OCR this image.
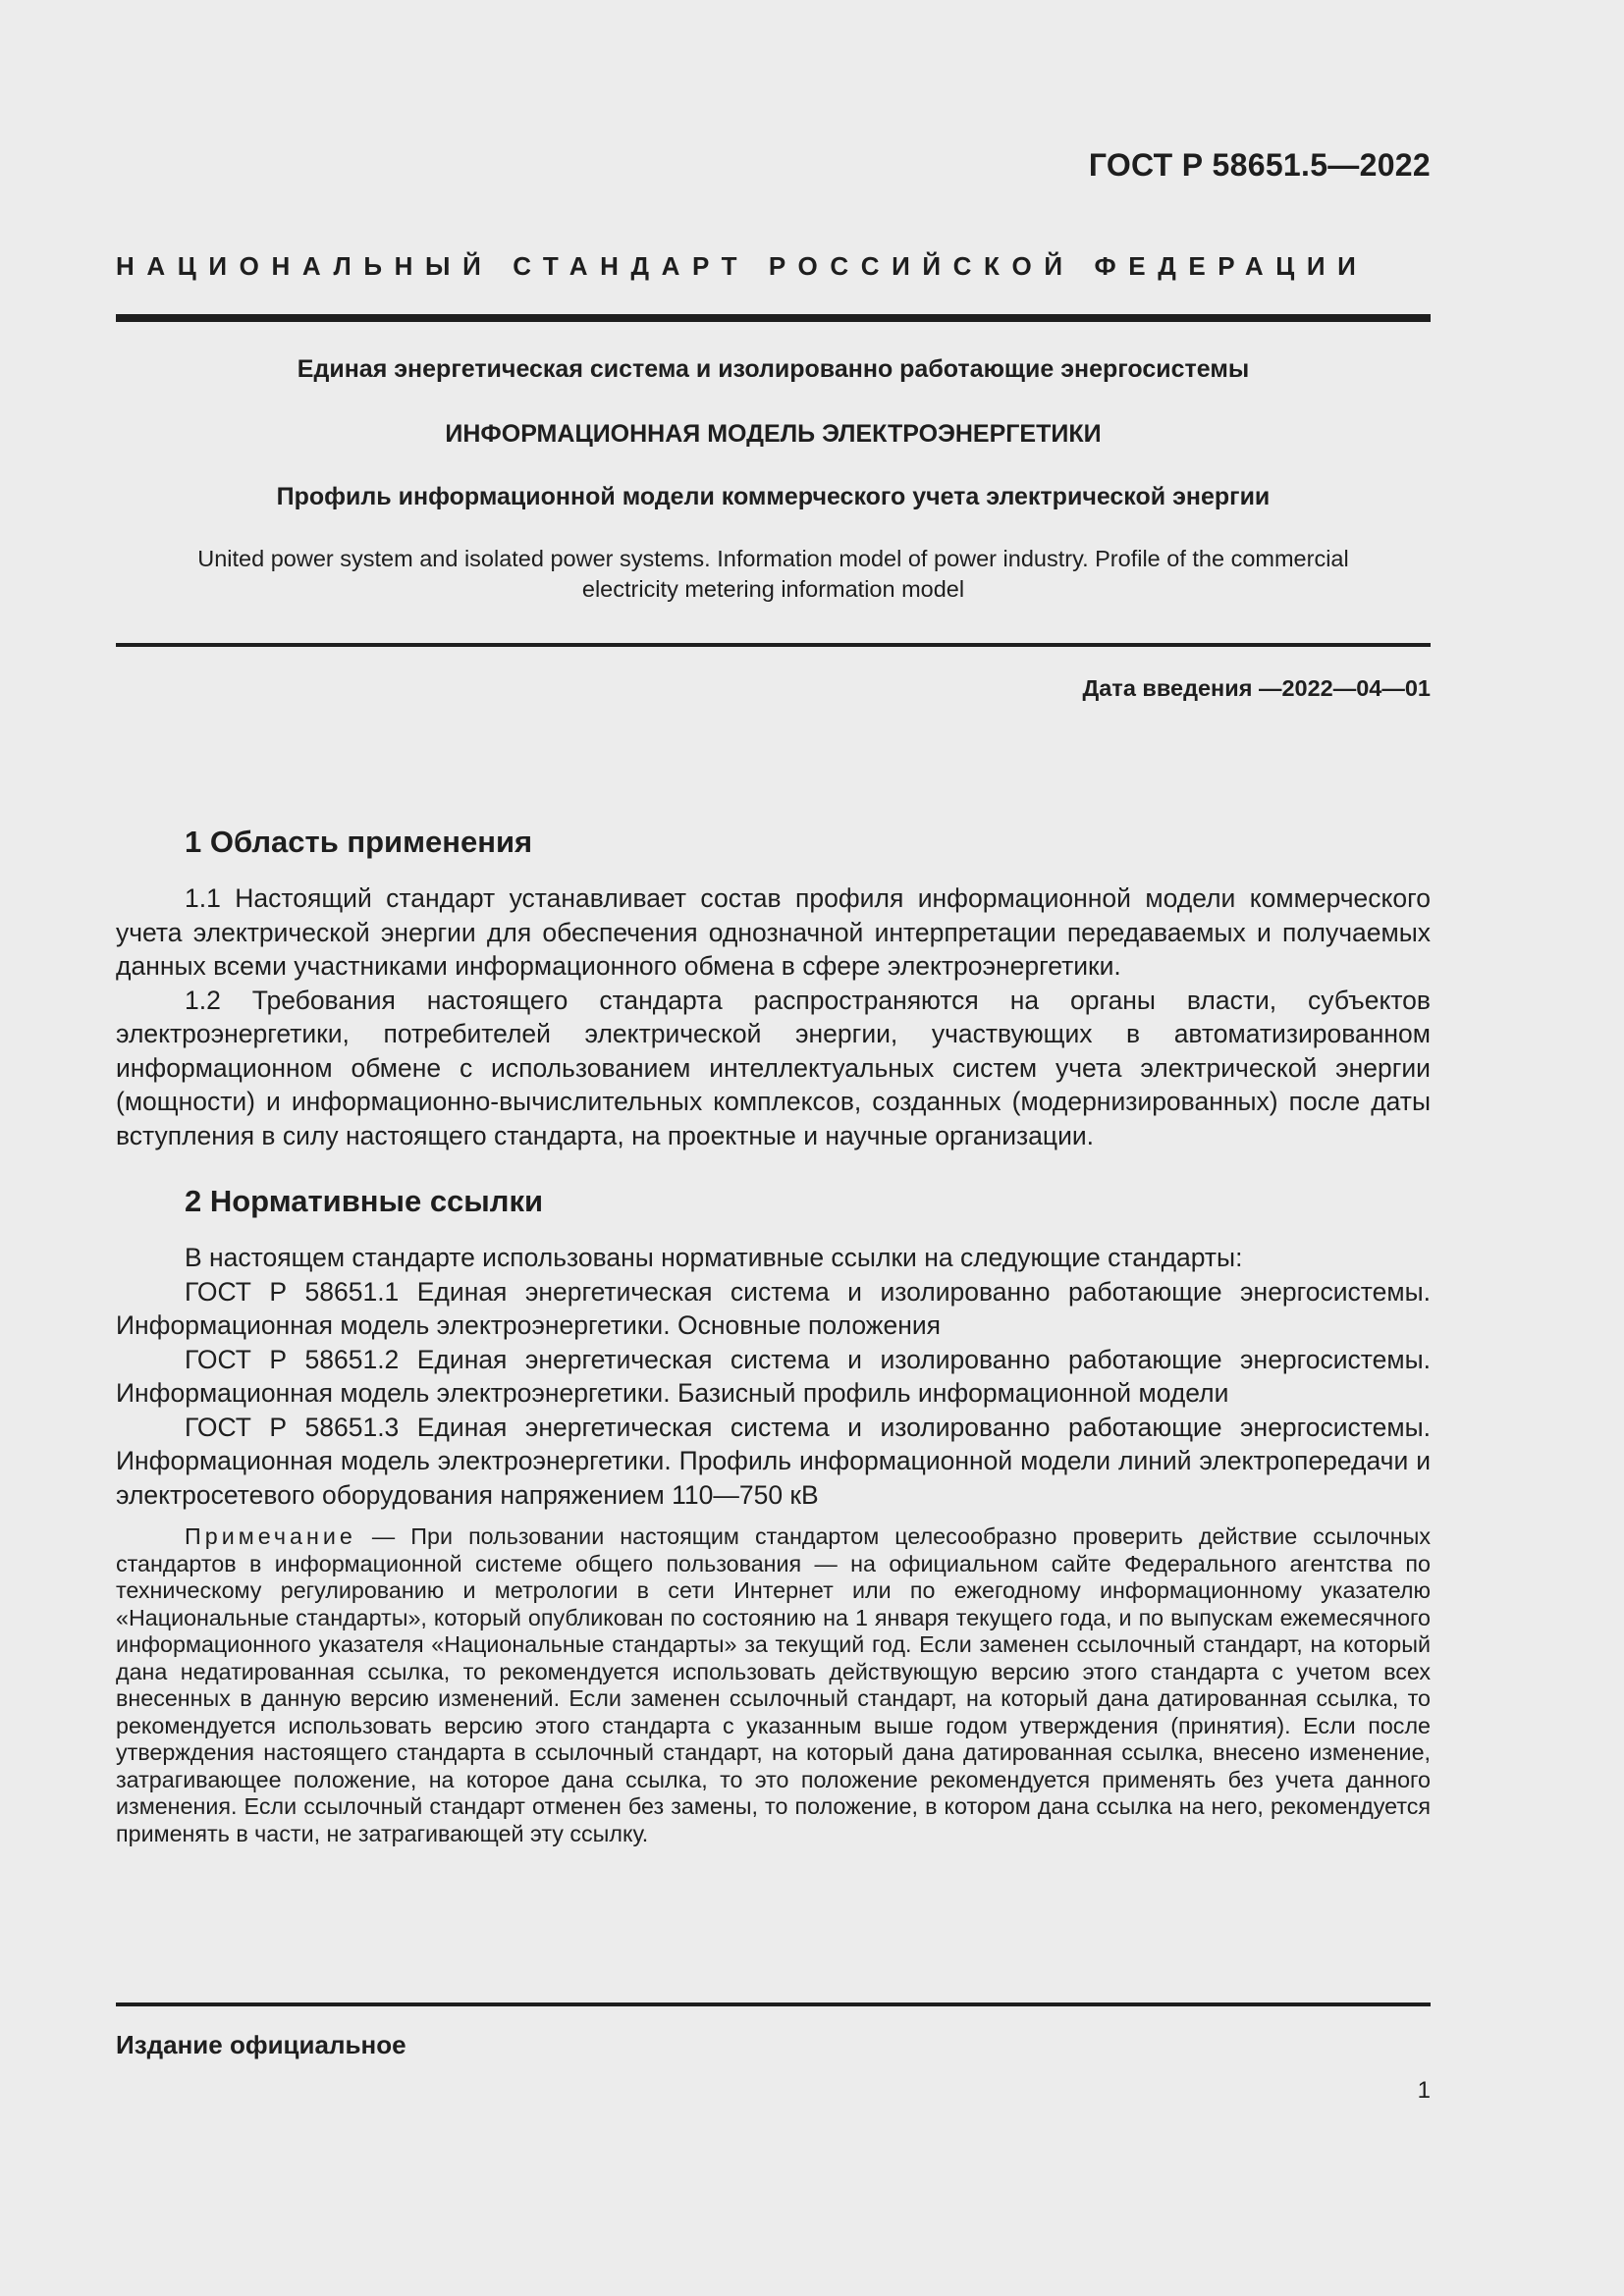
ГОСТ Р 58651.5—2022
НАЦИОНАЛЬНЫЙ СТАНДАРТ РОССИЙСКОЙ ФЕДЕРАЦИИ
Единая энергетическая система и изолированно работающие энергосистемы
ИНФОРМАЦИОННАЯ МОДЕЛЬ ЭЛЕКТРОЭНЕРГЕТИКИ
Профиль информационной модели коммерческого учета электрической энергии
United power system and isolated power systems. Information model of power industry. Profile of the commercial
electricity metering information model
Дата введения —2022—04—01
1 Область применения

1.1 Настоящий стандарт устанавливает состав профиля информационной модели коммерческого учета электрической энергии для обеспечения однозначной интерпретации передаваемых и получаемых данных всеми участниками информационного обмена в сфере электроэнергетики.

1.2 Требования настоящего стандарта распространяются на органы власти, субъектов электроэнергетики, потребителей электрической энергии, участвующих в автоматизированном информационном обмене с использованием интеллектуальных систем учета электрической энергии (мощности) и информационно-вычислительных комплексов, созданных (модернизированных) после даты вступления в силу настоящего стандарта, на проектные и научные организации.

2 Нормативные ссылки

В настоящем стандарте использованы нормативные ссылки на следующие стандарты:

ГОСТ Р 58651.1 Единая энергетическая система и изолированно работающие энергосистемы. Информационная модель электроэнергетики. Основные положения

ГОСТ Р 58651.2 Единая энергетическая система и изолированно работающие энергосистемы. Информационная модель электроэнергетики. Базисный профиль информационной модели

ГОСТ Р 58651.3 Единая энергетическая система и изолированно работающие энергосистемы. Информационная модель электроэнергетики. Профиль информационной модели линий электропередачи и электросетевого оборудования напряжением 110—750 кВ

Примечание — При пользовании настоящим стандартом целесообразно проверить действие ссылочных стандартов в информационной системе общего пользования — на официальном сайте Федерального агентства по техническому регулированию и метрологии в сети Интернет или по ежегодному информационному указателю «Национальные стандарты», который опубликован по состоянию на 1 января текущего года, и по выпускам ежемесячного информационного указателя «Национальные стандарты» за текущий год. Если заменен ссылочный стандарт, на который дана недатированная ссылка, то рекомендуется использовать действующую версию этого стандарта с учетом всех внесенных в данную версию изменений. Если заменен ссылочный стандарт, на который дана датированная ссылка, то рекомендуется использовать версию этого стандарта с указанным выше годом утверждения (принятия). Если после утверждения настоящего стандарта в ссылочный стандарт, на который дана датированная ссылка, внесено изменение, затрагивающее положение, на которое дана ссылка, то это положение рекомендуется применять без учета данного изменения. Если ссылочный стандарт отменен без замены, то положение, в котором дана ссылка на него, рекомендуется применять в части, не затрагивающей эту ссылку.

Издание официальное
1
